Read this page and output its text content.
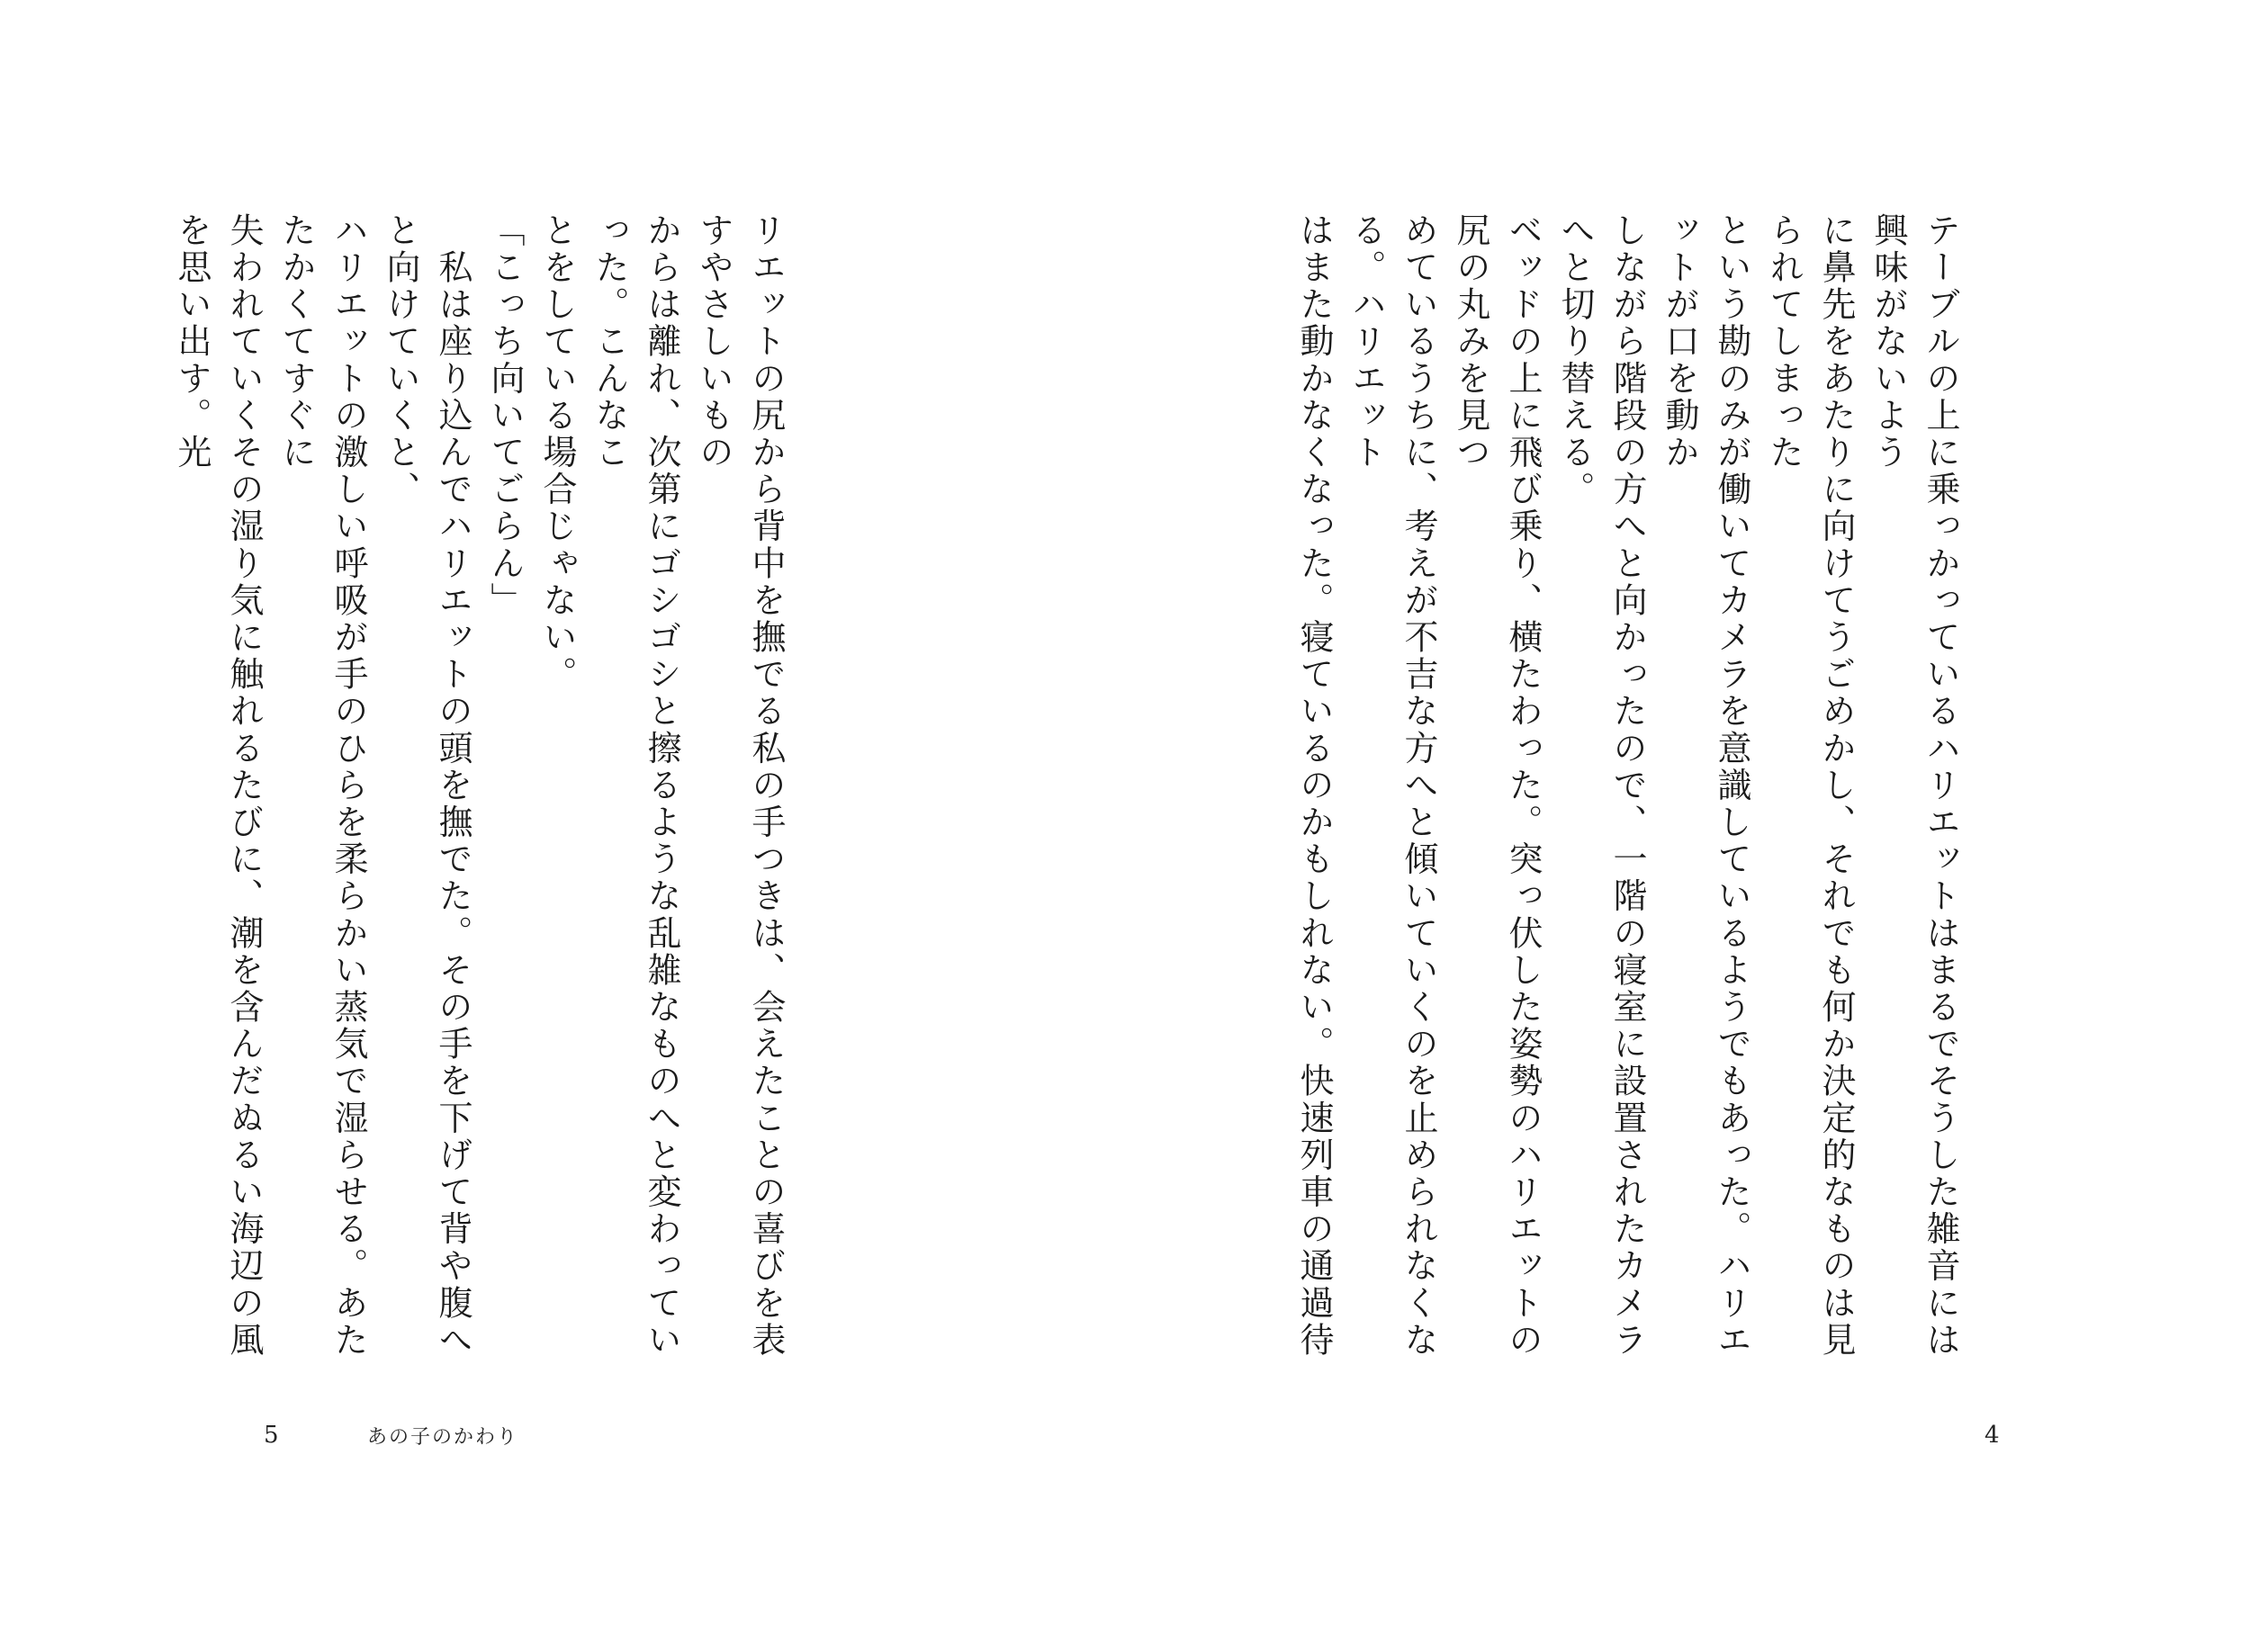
リエットの尻から背中を撫でる私の手つきは、会えたことの喜びを表すやさしいもの
からは離れ、次第にゴシゴシと擦るような乱雑なものへと変わっていった。こんなこ
とをしている場合じゃない。
「こっち向いてごらん」
　私は座り込んでハリエットの頭を撫でた。その手を下げて背や腹へと向けていくと、
ハリエットの激しい呼吸が手のひらを柔らかい蒸気で湿らせる。あたたかくてすぐに
失われていくその湿り気に触れるたびに、潮を含んだぬるい海辺の風を思い出す。光

5	あの子のかわり
テーブルの上に乗っかっているハリエットはまるでそうした雑音には興味がないよう
に鼻先をあたりに向けてうごめかし、それでも何か決定的なものは見られてしまった
という勘のみが働いてカメラを意識しているようでもあった。ハリエットが口を動か
しながら階段の方へと向かったので、一階の寝室に設置されたカメラへと切り替える。
ベッドの上に飛び乗り、横たわった。突っ伏した姿勢のハリエットの尻の丸みを見つ
めているうちに、考えが不吉な方へと傾いていくのを止められなくなる。ハリエット
はまた動かなくなった。寝ているのかもしれない。快速列車の通過待

4
